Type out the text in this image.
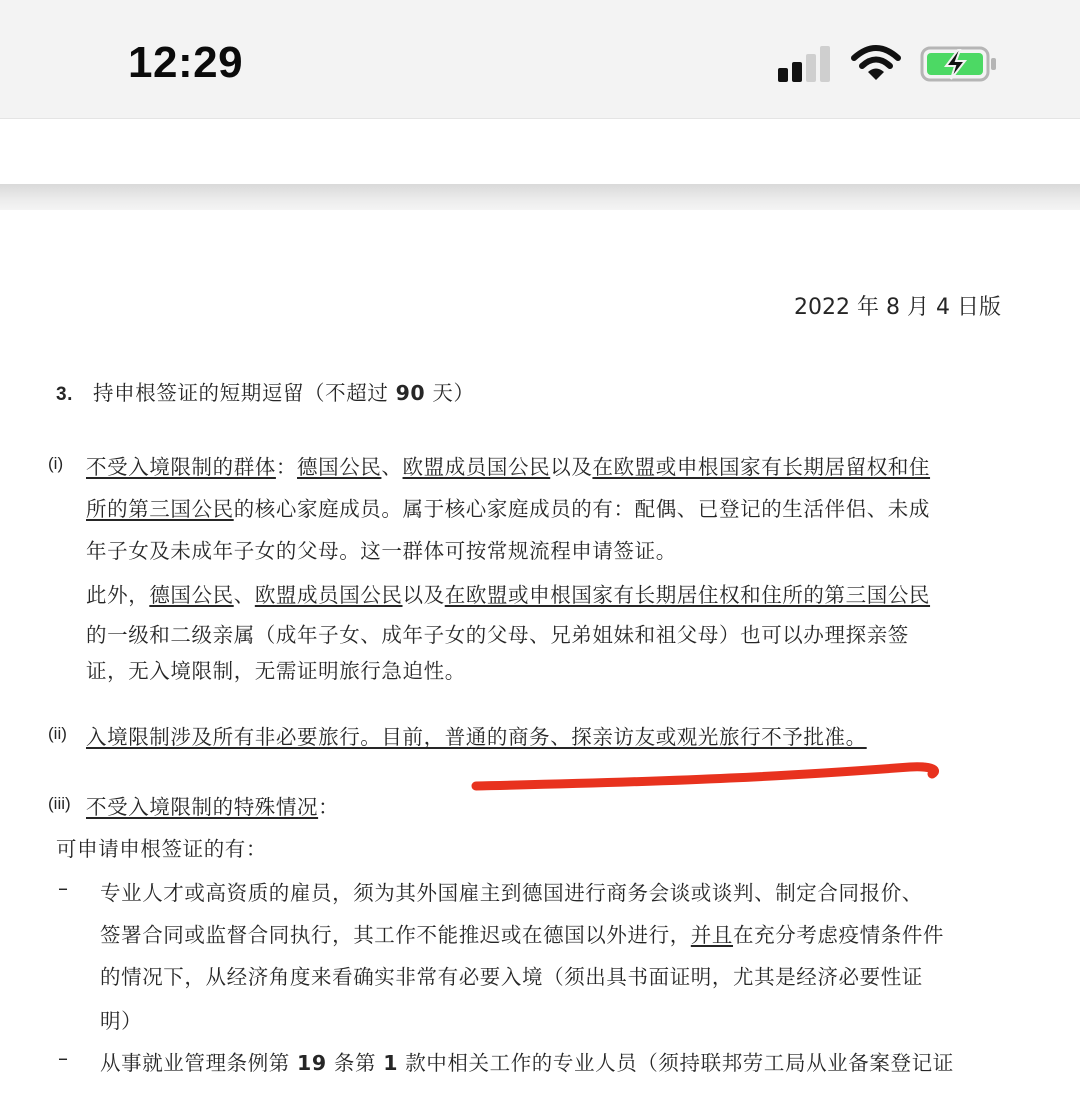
12:29
2022 年 8 月 4 日版
3. 持申根签证的短期逗留（不超过 90 天）
(i) 不受入境限制的群体：德国公民、欧盟成员国公民以及在欧盟或申根国家有长期居留权和住
所的第三国公民的核心家庭成员。属于核心家庭成员的有：配偶、已登记的生活伴侣、未成
年子女及未成年子女的父母。这一群体可按常规流程申请签证。
此外，德国公民、欧盟成员国公民以及在欧盟或申根国家有长期居住权和住所的第三国公民
的一级和二级亲属（成年子女、成年子女的父母、兄弟姐妹和祖父母）也可以办理探亲签
证，无入境限制，无需证明旅行急迫性。
(ii) 入境限制涉及所有非必要旅行。目前，普通的商务、探亲访友或观光旅行不予批准。
(iii) 不受入境限制的特殊情况：
可申请申根签证的有：
– 专业人才或高资质的雇员，须为其外国雇主到德国进行商务会谈或谈判、制定合同报价、
签署合同或监督合同执行，其工作不能推迟或在德国以外进行，并且在充分考虑疫情条件件
的情况下，从经济角度来看确实非常有必要入境（须出具书面证明，尤其是经济必要性证
明）
– 从事就业管理条例第 19 条第 1 款中相关工作的专业人员（须持联邦劳工局从业备案登记证
